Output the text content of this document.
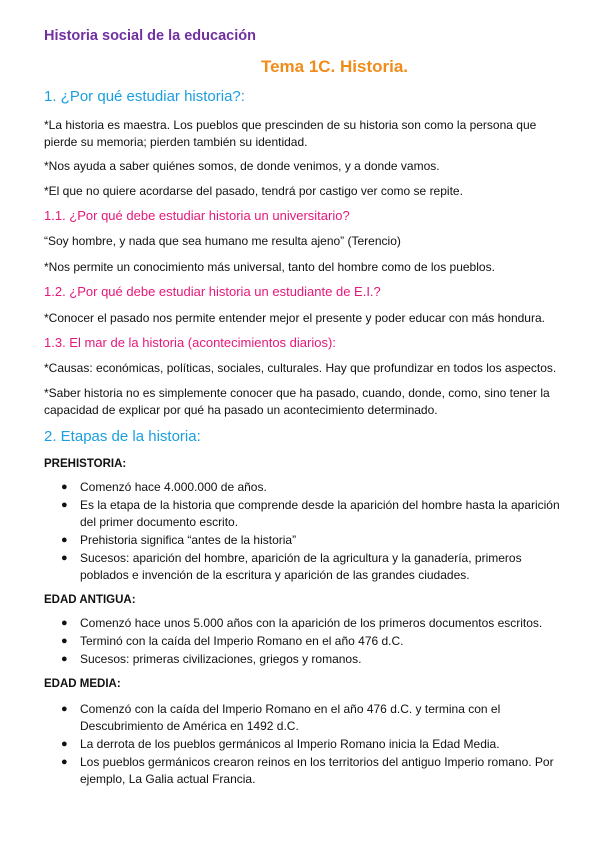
Historia social de la educación
Tema 1C. Historia.
1. ¿Por qué estudiar historia?:
*La historia es maestra. Los pueblos que prescinden de su historia son como la persona que pierde su memoria; pierden también su identidad.
*Nos ayuda a saber quiénes somos, de donde venimos, y a donde vamos.
*El que no quiere acordarse del pasado, tendrá por castigo ver como se repite.
1.1. ¿Por qué debe estudiar historia un universitario?
“Soy hombre, y nada que sea humano me resulta ajeno” (Terencio)
*Nos permite un conocimiento más universal, tanto del hombre como de los pueblos.
1.2. ¿Por qué debe estudiar historia un estudiante de E.I.?
*Conocer el pasado nos permite entender mejor el presente y poder educar con más hondura.
1.3. El mar de la historia (acontecimientos diarios):
*Causas: económicas, políticas, sociales, culturales. Hay que profundizar en todos los aspectos.
*Saber historia no es simplemente conocer que ha pasado, cuando, donde, como, sino tener la capacidad de explicar por qué ha pasado un acontecimiento determinado.
2. Etapas de la historia:
PREHISTORIA:
● Comenzó hace 4.000.000 de años.
● Es la etapa de la historia que comprende desde la aparición del hombre hasta la aparición del primer documento escrito.
● Prehistoria significa “antes de la historia”
● Sucesos: aparición del hombre, aparición de la agricultura y la ganadería, primeros poblados e invención de la escritura y aparición de las grandes ciudades.
EDAD ANTIGUA:
● Comenzó hace unos 5.000 años con la aparición de los primeros documentos escritos.
● Terminó con la caída del Imperio Romano en el año 476 d.C.
● Sucesos: primeras civilizaciones, griegos y romanos.
EDAD MEDIA:
● Comenzó con la caída del Imperio Romano en el año 476 d.C. y termina con el Descubrimiento de América en 1492 d.C.
● La derrota de los pueblos germánicos al Imperio Romano inicia la Edad Media.
● Los pueblos germánicos crearon reinos en los territorios del antiguo Imperio romano. Por ejemplo, La Galia actual Francia.
